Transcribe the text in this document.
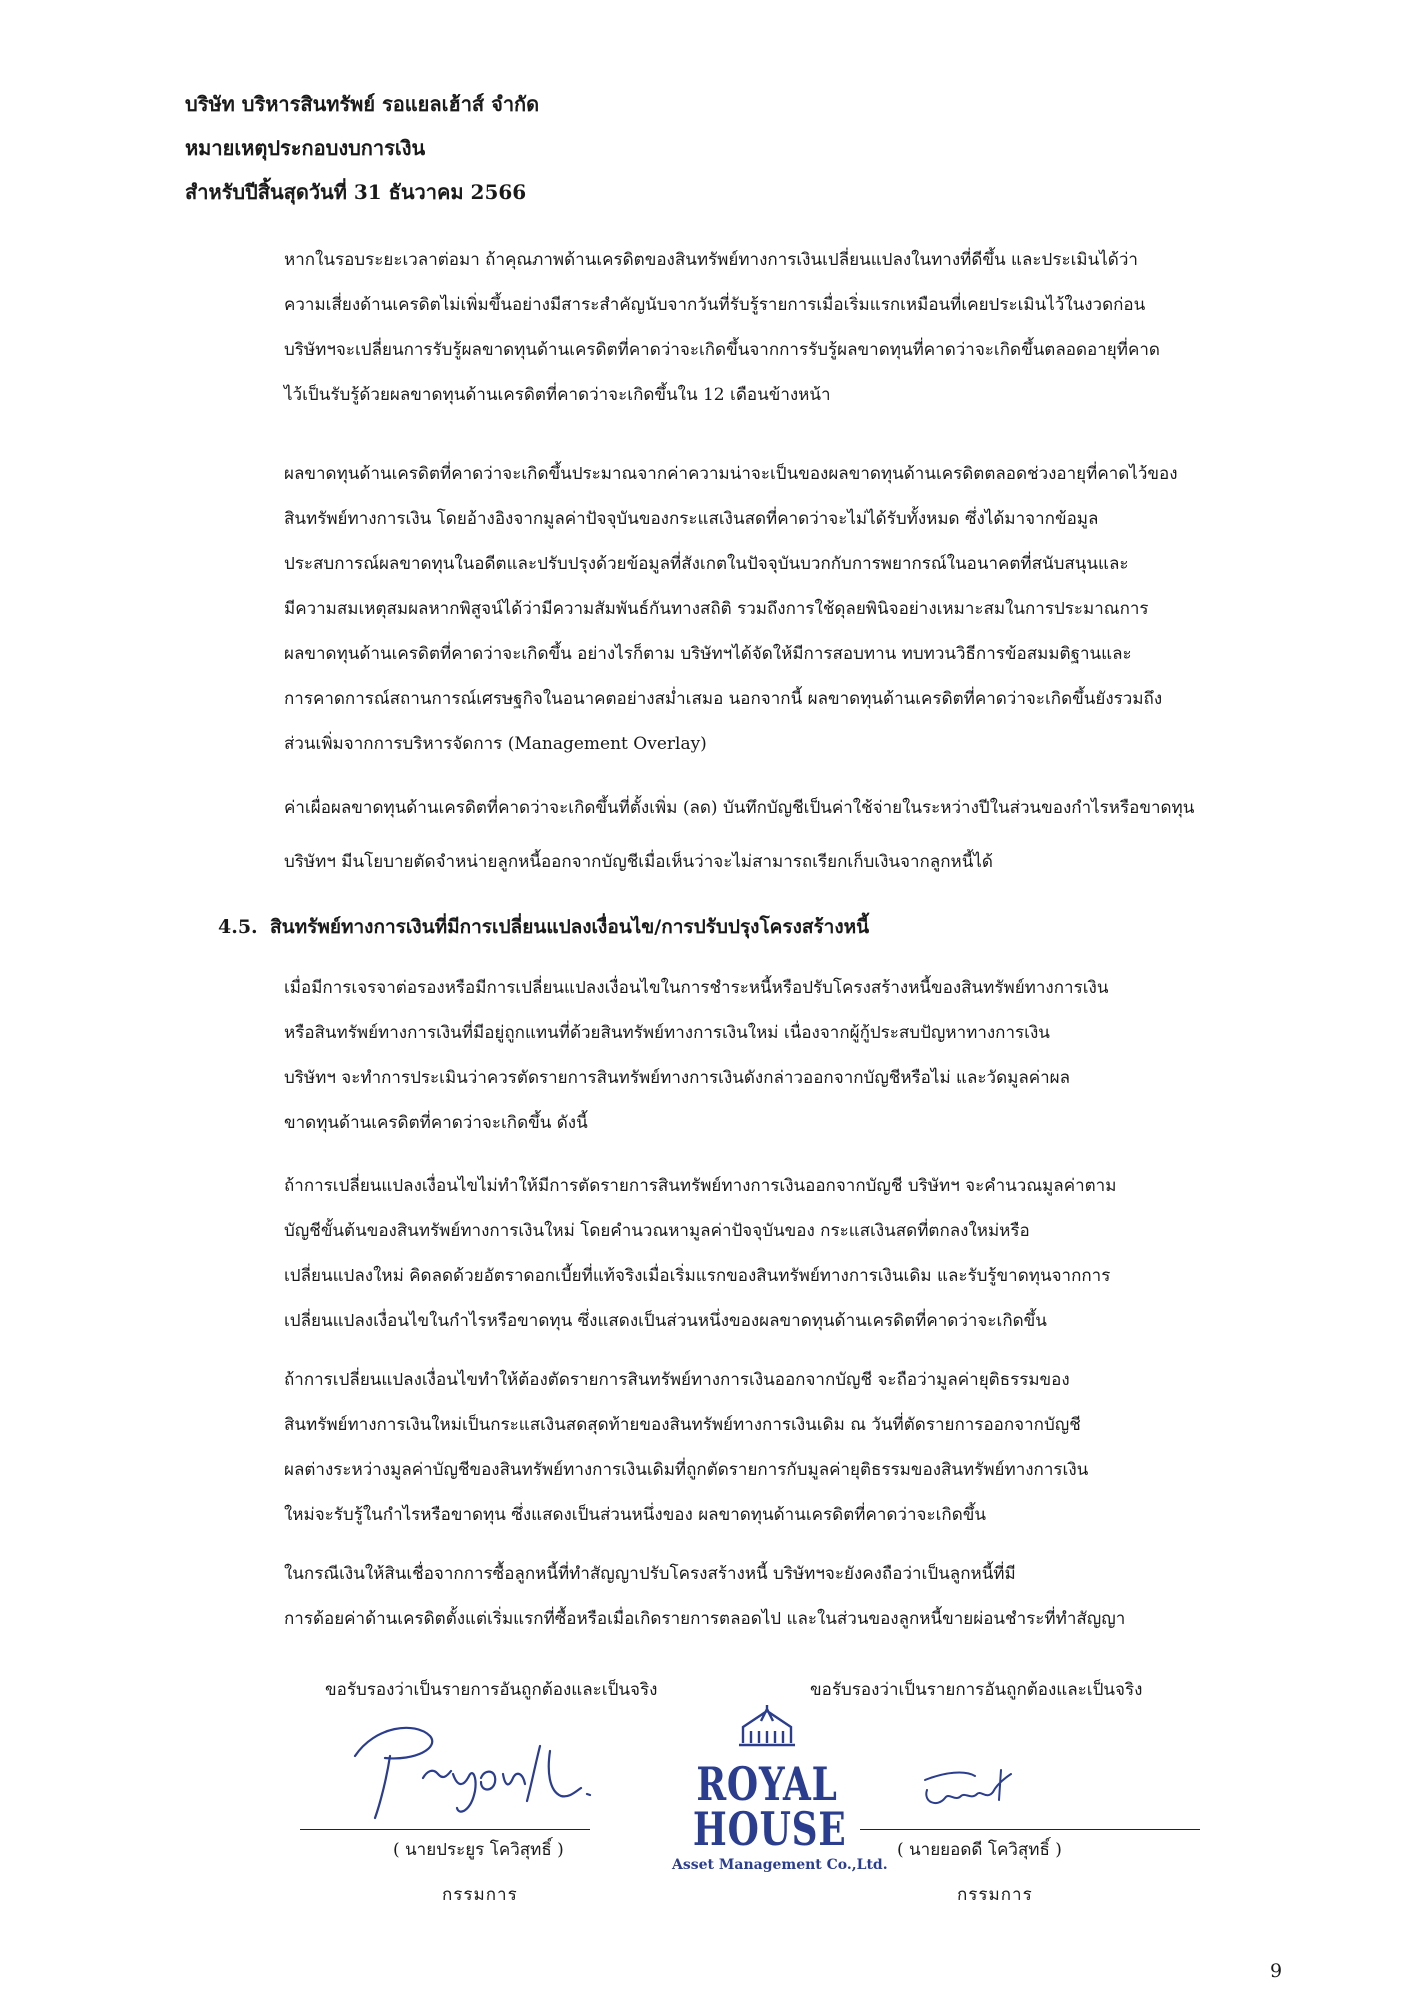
บริษัท บริหารสินทรัพย์ รอแยลเฮ้าส์ จำกัด
หมายเหตุประกอบงบการเงิน
สำหรับปีสิ้นสุดวันที่ 31 ธันวาคม 2566
หากในรอบระยะเวลาต่อมา ถ้าคุณภาพด้านเครดิตของสินทรัพย์ทางการเงินเปลี่ยนแปลงในทางที่ดีขึ้น และประเมินได้ว่า
ความเสี่ยงด้านเครดิตไม่เพิ่มขึ้นอย่างมีสาระสำคัญนับจากวันที่รับรู้รายการเมื่อเริ่มแรกเหมือนที่เคยประเมินไว้ในงวดก่อน
บริษัทฯจะเปลี่ยนการรับรู้ผลขาดทุนด้านเครดิตที่คาดว่าจะเกิดขึ้นจากการรับรู้ผลขาดทุนที่คาดว่าจะเกิดขึ้นตลอดอายุที่คาด
ไว้เป็นรับรู้ด้วยผลขาดทุนด้านเครดิตที่คาดว่าจะเกิดขึ้นใน 12 เดือนข้างหน้า
ผลขาดทุนด้านเครดิตที่คาดว่าจะเกิดขึ้นประมาณจากค่าความน่าจะเป็นของผลขาดทุนด้านเครดิตตลอดช่วงอายุที่คาดไว้ของ
สินทรัพย์ทางการเงิน โดยอ้างอิงจากมูลค่าปัจจุบันของกระแสเงินสดที่คาดว่าจะไม่ได้รับทั้งหมด ซึ่งได้มาจากข้อมูล
ประสบการณ์ผลขาดทุนในอดีตและปรับปรุงด้วยข้อมูลที่สังเกตในปัจจุบันบวกกับการพยากรณ์ในอนาคตที่สนับสนุนและ
มีความสมเหตุสมผลหากพิสูจน์ได้ว่ามีความสัมพันธ์กันทางสถิติ รวมถึงการใช้ดุลยพินิจอย่างเหมาะสมในการประมาณการ
ผลขาดทุนด้านเครดิตที่คาดว่าจะเกิดขึ้น อย่างไรก็ตาม บริษัทฯได้จัดให้มีการสอบทาน ทบทวนวิธีการข้อสมมติฐานและ
การคาดการณ์สถานการณ์เศรษฐกิจในอนาคตอย่างสม่ำเสมอ นอกจากนี้ ผลขาดทุนด้านเครดิตที่คาดว่าจะเกิดขึ้นยังรวมถึง
ส่วนเพิ่มจากการบริหารจัดการ (Management Overlay)
ค่าเผื่อผลขาดทุนด้านเครดิตที่คาดว่าจะเกิดขึ้นที่ตั้งเพิ่ม (ลด) บันทึกบัญชีเป็นค่าใช้จ่ายในระหว่างปีในส่วนของกำไรหรือขาดทุน
บริษัทฯ มีนโยบายตัดจำหน่ายลูกหนี้ออกจากบัญชีเมื่อเห็นว่าจะไม่สามารถเรียกเก็บเงินจากลูกหนี้ได้
4.5. สินทรัพย์ทางการเงินที่มีการเปลี่ยนแปลงเงื่อนไข/การปรับปรุงโครงสร้างหนี้
เมื่อมีการเจรจาต่อรองหรือมีการเปลี่ยนแปลงเงื่อนไขในการชำระหนี้หรือปรับโครงสร้างหนี้ของสินทรัพย์ทางการเงิน
หรือสินทรัพย์ทางการเงินที่มีอยู่ถูกแทนที่ด้วยสินทรัพย์ทางการเงินใหม่ เนื่องจากผู้กู้ประสบปัญหาทางการเงิน
บริษัทฯ จะทำการประเมินว่าควรตัดรายการสินทรัพย์ทางการเงินดังกล่าวออกจากบัญชีหรือไม่ และวัดมูลค่าผล
ขาดทุนด้านเครดิตที่คาดว่าจะเกิดขึ้น ดังนี้
ถ้าการเปลี่ยนแปลงเงื่อนไขไม่ทำให้มีการตัดรายการสินทรัพย์ทางการเงินออกจากบัญชี บริษัทฯ จะคำนวณมูลค่าตาม
บัญชีขั้นต้นของสินทรัพย์ทางการเงินใหม่ โดยคำนวณหามูลค่าปัจจุบันของ กระแสเงินสดที่ตกลงใหม่หรือ
เปลี่ยนแปลงใหม่ คิดลดด้วยอัตราดอกเบี้ยที่แท้จริงเมื่อเริ่มแรกของสินทรัพย์ทางการเงินเดิม และรับรู้ขาดทุนจากการ
เปลี่ยนแปลงเงื่อนไขในกำไรหรือขาดทุน ซึ่งแสดงเป็นส่วนหนึ่งของผลขาดทุนด้านเครดิตที่คาดว่าจะเกิดขึ้น
ถ้าการเปลี่ยนแปลงเงื่อนไขทำให้ต้องตัดรายการสินทรัพย์ทางการเงินออกจากบัญชี จะถือว่ามูลค่ายุติธรรมของ
สินทรัพย์ทางการเงินใหม่เป็นกระแสเงินสดสุดท้ายของสินทรัพย์ทางการเงินเดิม ณ วันที่ตัดรายการออกจากบัญชี
ผลต่างระหว่างมูลค่าบัญชีของสินทรัพย์ทางการเงินเดิมที่ถูกตัดรายการกับมูลค่ายุติธรรมของสินทรัพย์ทางการเงิน
ใหม่จะรับรู้ในกำไรหรือขาดทุน ซึ่งแสดงเป็นส่วนหนึ่งของ ผลขาดทุนด้านเครดิตที่คาดว่าจะเกิดขึ้น
ในกรณีเงินให้สินเชื่อจากการซื้อลูกหนี้ที่ทำสัญญาปรับโครงสร้างหนี้ บริษัทฯจะยังคงถือว่าเป็นลูกหนี้ที่มี
การด้อยค่าด้านเครดิตตั้งแต่เริ่มแรกที่ซื้อหรือเมื่อเกิดรายการตลอดไป และในส่วนของลูกหนี้ขายผ่อนชำระที่ทำสัญญา
ขอรับรองว่าเป็นรายการอันถูกต้องและเป็นจริง	ขอรับรองว่าเป็นรายการอันถูกต้องและเป็นจริง
( นายประยูร โควิสุทธิ์ )	( นายยอดดี โควิสุทธิ์ )
กรรมการ	กรรมการ
ROYAL
HOUSE
Asset Management Co.,Ltd.
9
